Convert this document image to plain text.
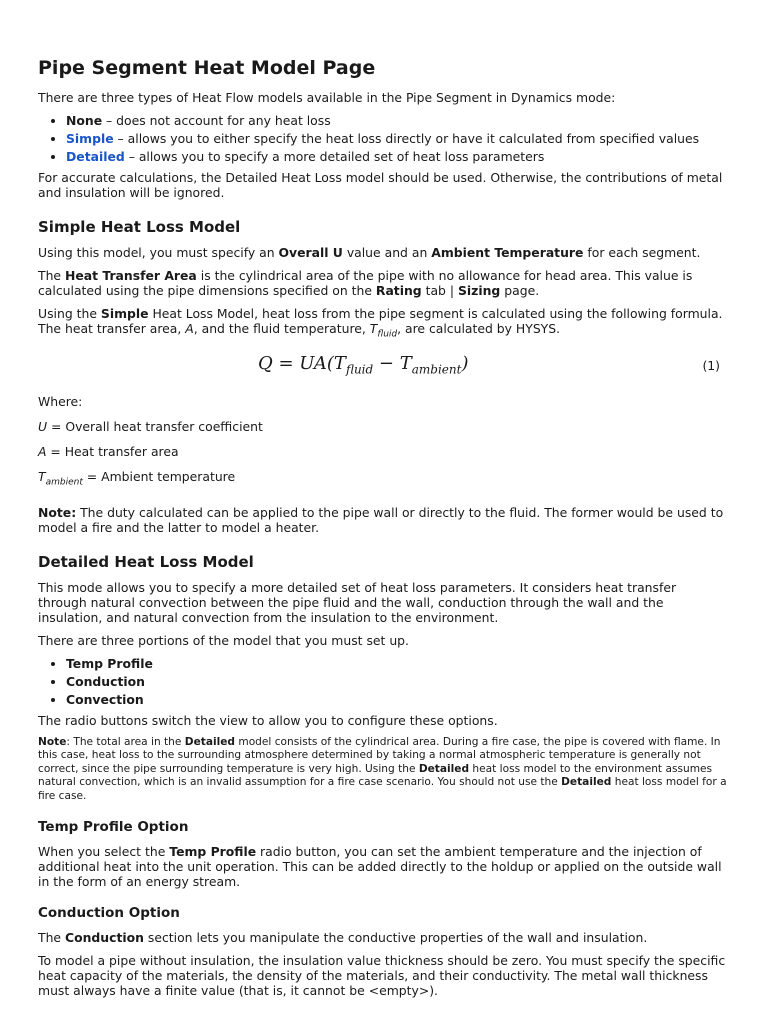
Pipe Segment Heat Model Page

There are three types of Heat Flow models available in the Pipe Segment in Dynamics mode:

• None – does not account for any heat loss
• Simple – allows you to either specify the heat loss directly or have it calculated from specified values
• Detailed – allows you to specify a more detailed set of heat loss parameters

For accurate calculations, the Detailed Heat Loss model should be used. Otherwise, the contributions of metal and insulation will be ignored.

Simple Heat Loss Model

Using this model, you must specify an Overall U value and an Ambient Temperature for each segment.

The Heat Transfer Area is the cylindrical area of the pipe with no allowance for head area. This value is calculated using the pipe dimensions specified on the Rating tab | Sizing page.

Using the Simple Heat Loss Model, heat loss from the pipe segment is calculated using the following formula. The heat transfer area, A, and the fluid temperature, $T_{fluid}$, are calculated by HYSYS.

$Q = UA(T_{fluid} - T_{ambient})$	(1)

Where:

U = Overall heat transfer coefficient

A = Heat transfer area

$T_{ambient}$ = Ambient temperature

Note: The duty calculated can be applied to the pipe wall or directly to the fluid. The former would be used to model a fire and the latter to model a heater.

Detailed Heat Loss Model

This mode allows you to specify a more detailed set of heat loss parameters. It considers heat transfer through natural convection between the pipe fluid and the wall, conduction through the wall and the insulation, and natural convection from the insulation to the environment.

There are three portions of the model that you must set up.

• Temp Profile
• Conduction
• Convection

The radio buttons switch the view to allow you to configure these options.

Note: The total area in the Detailed model consists of the cylindrical area. During a fire case, the pipe is covered with flame. In this case, heat loss to the surrounding atmosphere determined by taking a normal atmospheric temperature is generally not correct, since the pipe surrounding temperature is very high. Using the Detailed heat loss model to the environment assumes natural convection, which is an invalid assumption for a fire case scenario. You should not use the Detailed heat loss model for a fire case.

Temp Profile Option

When you select the Temp Profile radio button, you can set the ambient temperature and the injection of additional heat into the unit operation. This can be added directly to the holdup or applied on the outside wall in the form of an energy stream.

Conduction Option

The Conduction section lets you manipulate the conductive properties of the wall and insulation.

To model a pipe without insulation, the insulation value thickness should be zero. You must specify the specific heat capacity of the materials, the density of the materials, and their conductivity. The metal wall thickness must always have a finite value (that is, it cannot be <empty>).
